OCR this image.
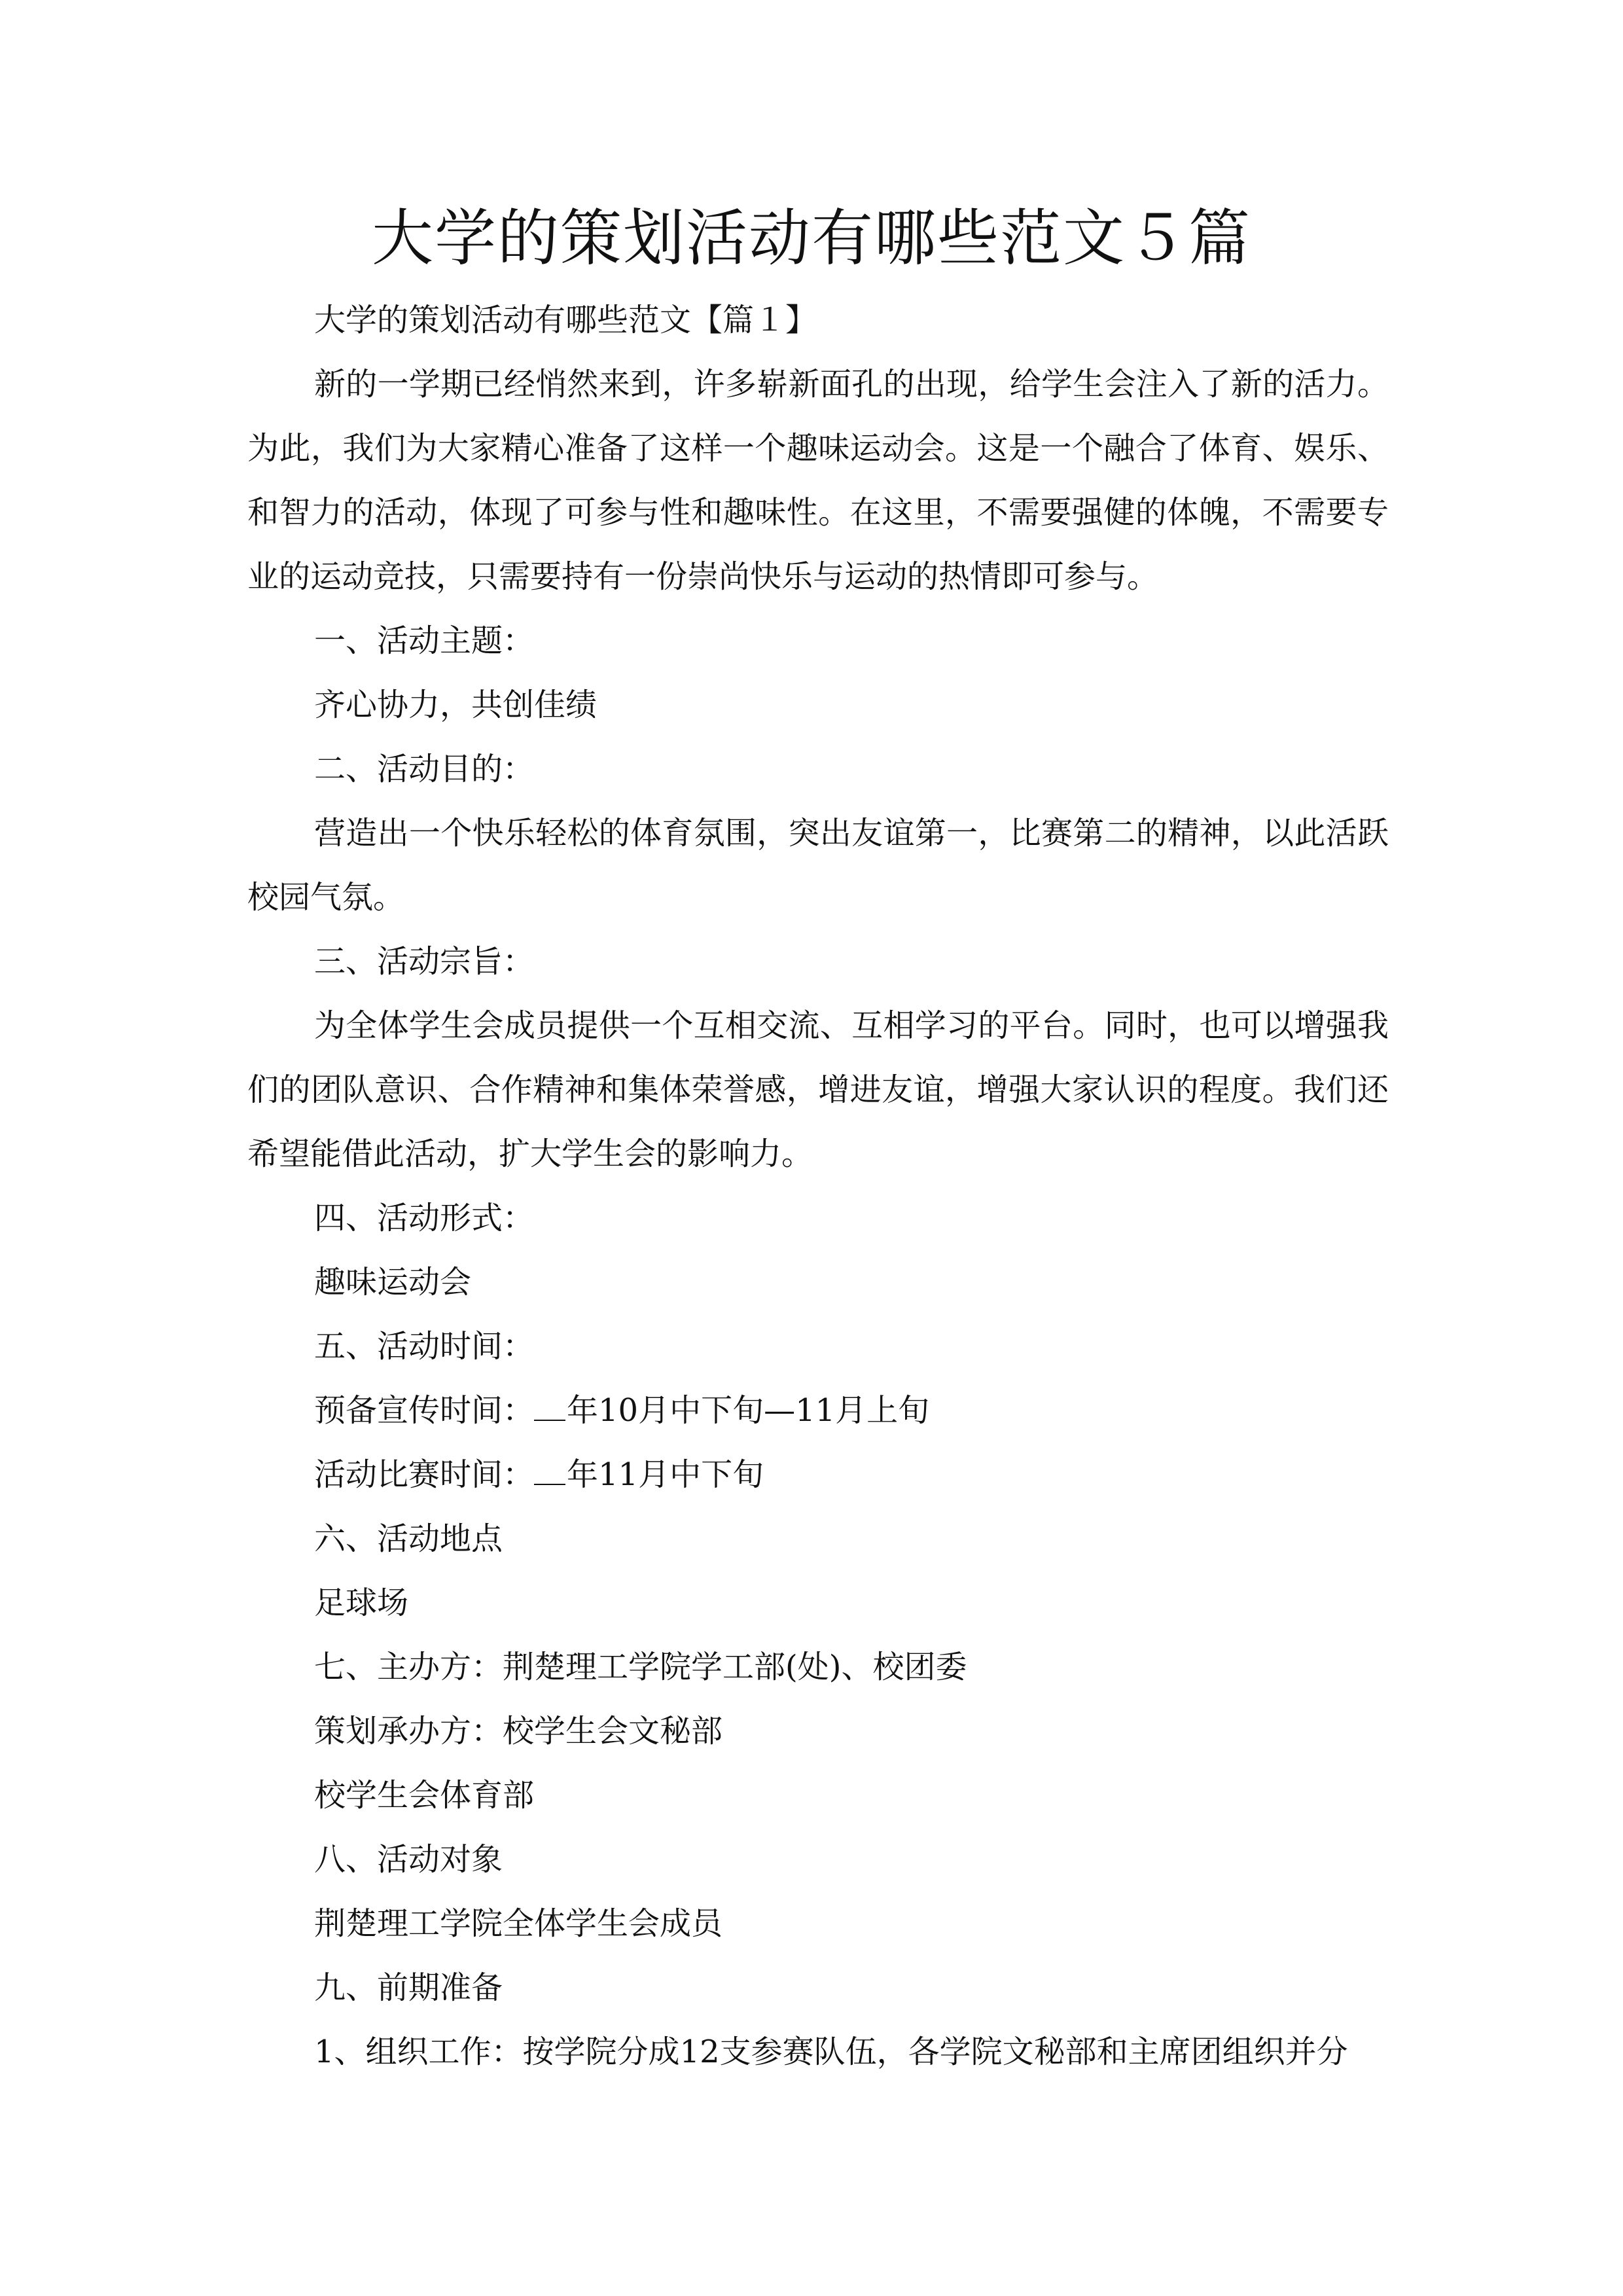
大学的策划活动有哪些范文５篇

大学的策划活动有哪些范文【篇１】

新的一学期已经悄然来到，许多崭新面孔的出现，给学生会注入了新的活力。为此，我们为大家精心准备了这样一个趣味运动会。这是一个融合了体育、娱乐、和智力的活动，体现了可参与性和趣味性。在这里，不需要强健的体魄，不需要专业的运动竞技，只需要持有一份崇尚快乐与运动的热情即可参与。

一、活动主题：

齐心协力，共创佳绩

二、活动目的：

营造出一个快乐轻松的体育氛围，突出友谊第一，比赛第二的精神，以此活跃校园气氛。

三、活动宗旨：

为全体学生会成员提供一个互相交流、互相学习的平台。同时，也可以增强我们的团队意识、合作精神和集体荣誉感，增进友谊，增强大家认识的程度。我们还希望能借此活动，扩大学生会的影响力。

四、活动形式：

趣味运动会

五、活动时间：

预备宣传时间： 年10月中下旬—11月上旬

活动比赛时间： 年11月中下旬

六、活动地点

足球场

七、主办方：荆楚理工学院学工部(处)、校团委

策划承办方：校学生会文秘部

校学生会体育部

八、活动对象

荆楚理工学院全体学生会成员

九、前期准备

1、组织工作：按学院分成12支参赛队伍，各学院文秘部和主席团组织并分
